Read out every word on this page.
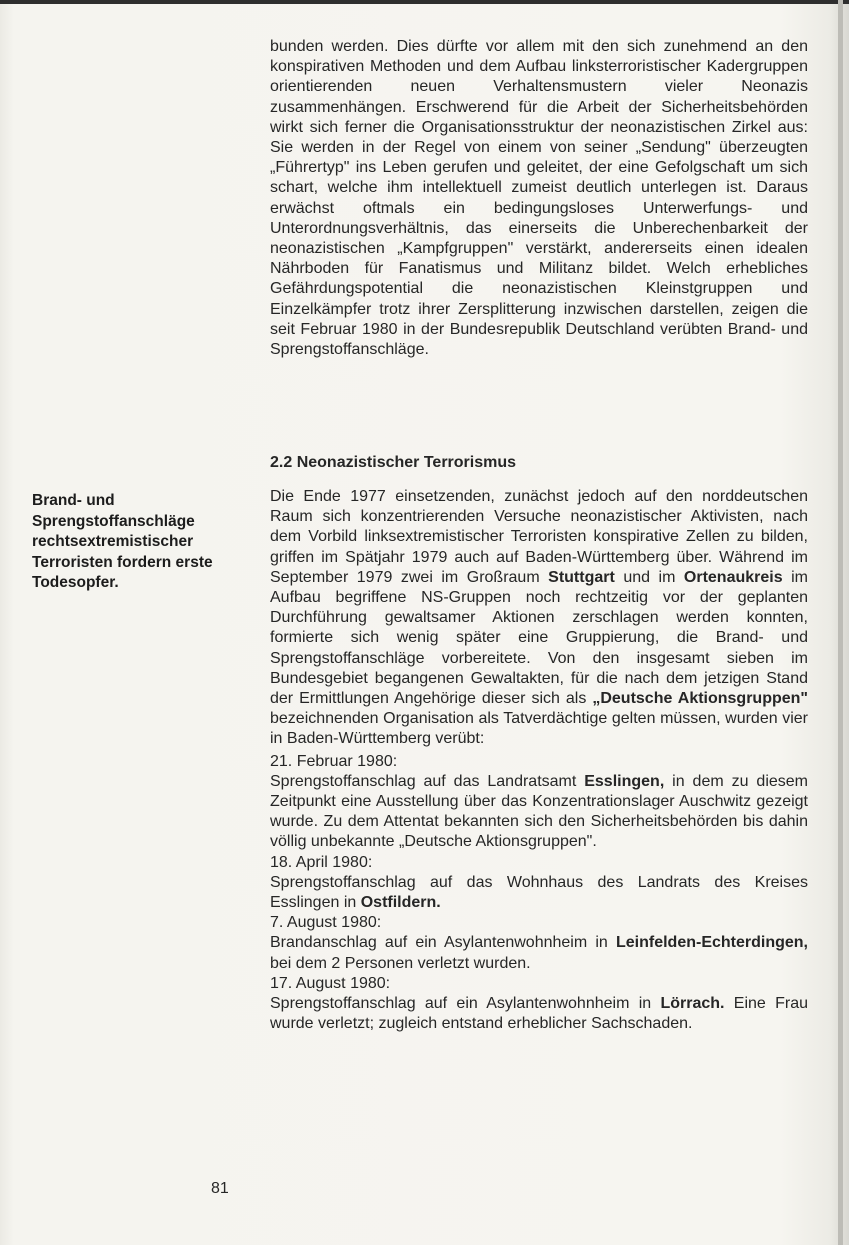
bunden werden. Dies dürfte vor allem mit den sich zunehmend an den konspirativen Methoden und dem Aufbau linksterroristischer Kadergruppen orientierenden neuen Verhaltensmustern vieler Neonazis zusammenhängen. Erschwerend für die Arbeit der Sicherheitsbehörden wirkt sich ferner die Organisationsstruktur der neonazistischen Zirkel aus: Sie werden in der Regel von einem von seiner „Sendung" überzeugten „Führertyp" ins Leben gerufen und geleitet, der eine Gefolgschaft um sich schart, welche ihm intellektuell zumeist deutlich unterlegen ist. Daraus erwächst oftmals ein bedingungsloses Unterwerfungs- und Unterordnungsverhältnis, das einerseits die Unberechenbarkeit der neonazistischen „Kampfgruppen" verstärkt, andererseits einen idealen Nährboden für Fanatismus und Militanz bildet. Welch erhebliches Gefährdungspotential die neonazistischen Kleinstgruppen und Einzelkämpfer trotz ihrer Zersplitterung inzwischen darstellen, zeigen die seit Februar 1980 in der Bundesrepublik Deutschland verübten Brand- und Sprengstoffanschläge.

2.2 Neonazistischer Terrorismus
Brand- und Sprengstoffanschläge rechtsextremistischer Terroristen fordern erste Todesopfer.

Die Ende 1977 einsetzenden, zunächst jedoch auf den norddeutschen Raum sich konzentrierenden Versuche neonazistischer Aktivisten, nach dem Vorbild linksextremistischer Terroristen konspirative Zellen zu bilden, griffen im Spätjahr 1979 auch auf Baden-Württemberg über. Während im September 1979 zwei im Großraum Stuttgart und im Ortenaukreis im Aufbau begriffene NS-Gruppen noch rechtzeitig vor der geplanten Durchführung gewaltsamer Aktionen zerschlagen werden konnten, formierte sich wenig später eine Gruppierung, die Brand- und Sprengstoffanschläge vorbereitete. Von den insgesamt sieben im Bundesgebiet begangenen Gewaltakten, für die nach dem jetzigen Stand der Ermittlungen Angehörige dieser sich als „Deutsche Aktionsgruppen" bezeichnenden Organisation als Tatverdächtige gelten müssen, wurden vier in Baden-Württemberg verübt:

21. Februar 1980:

Sprengstoffanschlag auf das Landratsamt Esslingen, in dem zu diesem Zeitpunkt eine Ausstellung über das Konzentrationslager Auschwitz gezeigt wurde. Zu dem Attentat bekannten sich den Sicherheitsbehörden bis dahin völlig unbekannte „Deutsche Aktionsgruppen".

18. April 1980:

Sprengstoffanschlag auf das Wohnhaus des Landrats des Kreises Esslingen in Ostfildern.

7. August 1980:

Brandanschlag auf ein Asylantenwohnheim in Leinfelden-Echterdingen, bei dem 2 Personen verletzt wurden.

17. August 1980:

Sprengstoffanschlag auf ein Asylantenwohnheim in Lörrach. Eine Frau wurde verletzt; zugleich entstand erheblicher Sachschaden.

81
